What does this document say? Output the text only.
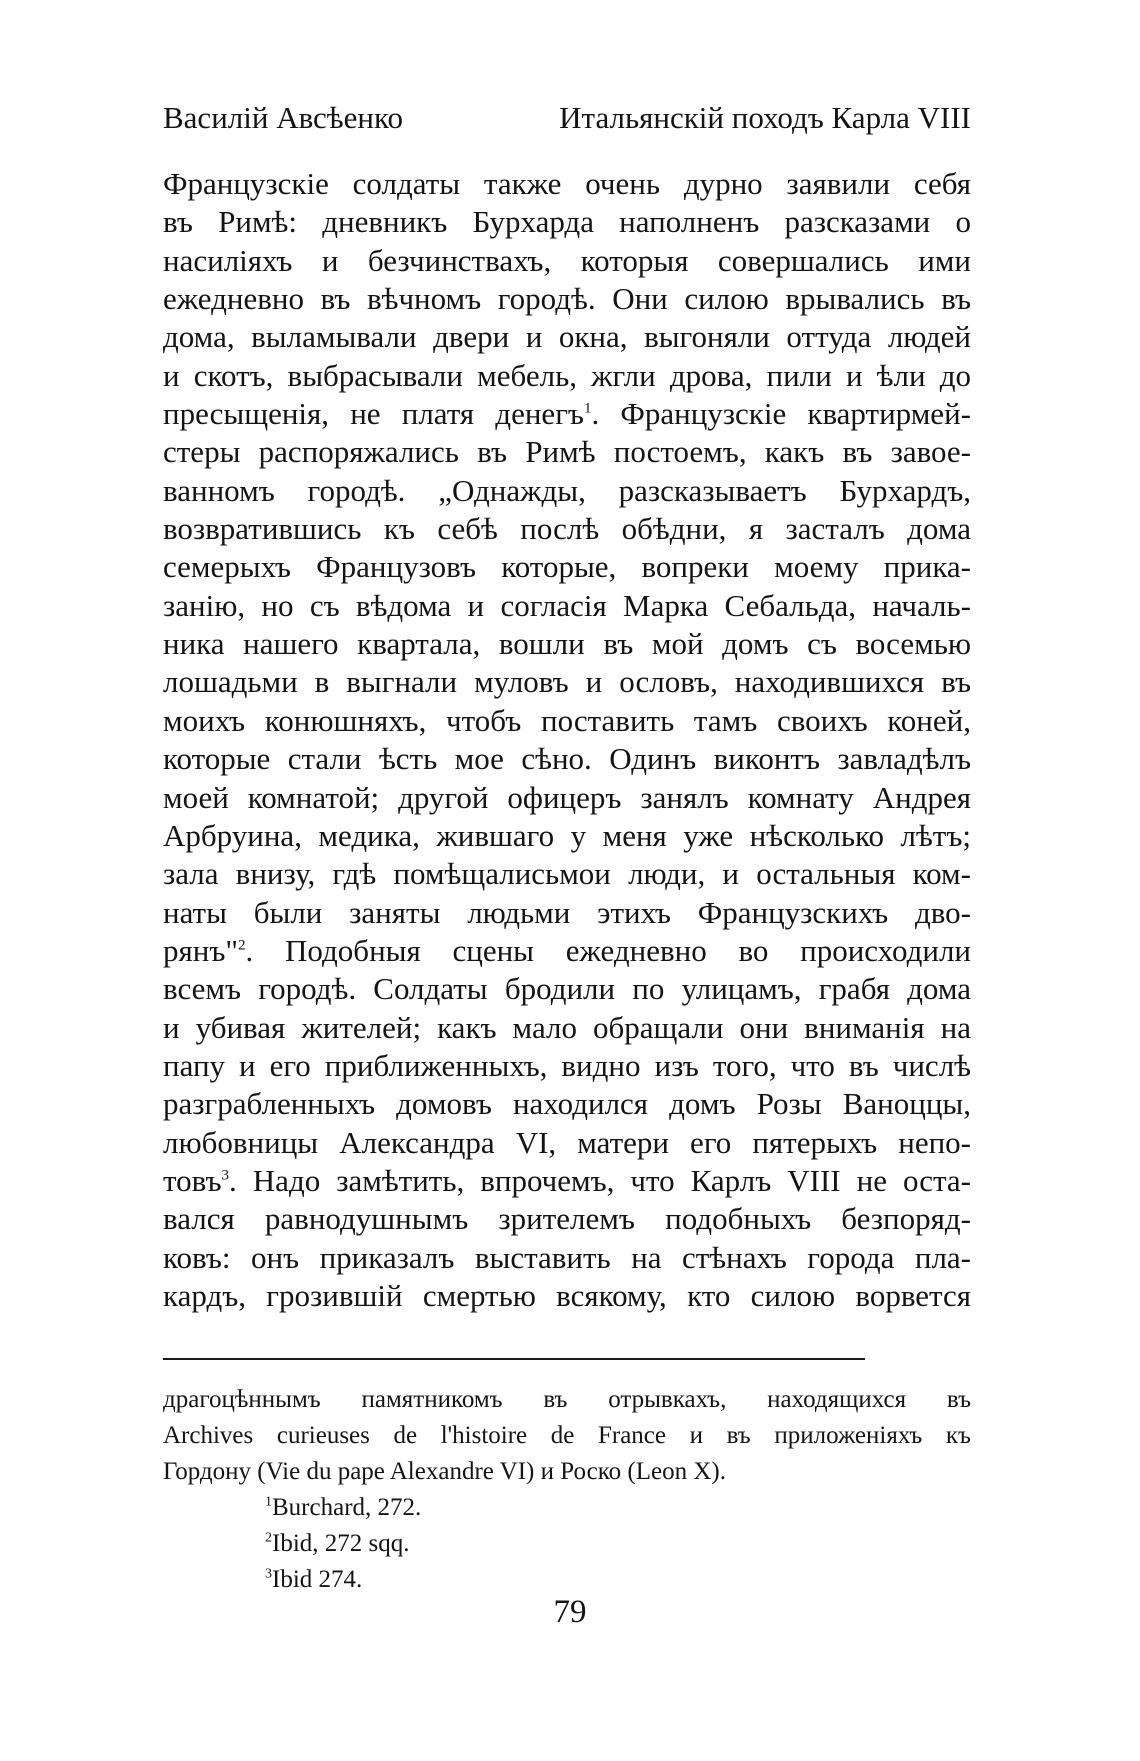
Василій Авсѣенко	Итальянскій походъ Карла VIII
Французскіе солдаты также очень дурно заявили себя
въ Римѣ: дневникъ Бурхарда наполненъ разсказами о
насиліяхъ и безчинствахъ, которыя совершались ими
ежедневно въ вѣчномъ городѣ. Они силою врывались въ
дома, выламывали двери и окна, выгоняли оттуда людей
и скотъ, выбрасывали мебель, жгли дрова, пили и ѣли до
пресыщенія, не платя денегъ$^1$. Французскіе квартирмей-
стеры распоряжались въ Римѣ постоемъ, какъ въ завое-
ванномъ городѣ. „Однажды, разсказываетъ Бурхардъ,
возвратившись къ себѣ послѣ обѣдни, я засталъ дома
семерыхъ Французовъ которые, вопреки моему прика-
занію, но съ вѣдома и согласія Марка Себальда, началь-
ника нашего квартала, вошли въ мой домъ съ восемью
лошадьми в выгнали муловъ и ословъ, находившихся въ
моихъ конюшняхъ, чтобъ поставить тамъ своихъ коней,
которые стали ѣсть мое сѣно. Одинъ виконтъ завладѣлъ
моей комнатой; другой офицеръ занялъ комнату Андрея
Арбруина, медика, жившаго у меня уже нѣсколько лѣтъ;
зала внизу, гдѣ помѣщалисьмои люди, и остальныя ком-
наты были заняты людьми этихъ Французскихъ дво-
рянъ"$^2$. Подобныя сцены ежедневно во происходили
всемъ городѣ. Солдаты бродили по улицамъ, грабя дома
и убивая жителей; какъ мало обращали они вниманія на
папу и его приближенныхъ, видно изъ того, что въ числѣ
разграбленныхъ домовъ находился домъ Розы Ваноццы,
любовницы Александра VI, матери его пятерыхъ непо-
товъ$^3$. Надо замѣтить, впрочемъ, что Карлъ VIII не оста-
вался равнодушнымъ зрителемъ подобныхъ безпоряд-
ковъ: онъ приказалъ выставить на стѣнахъ города пла-
кардъ, грозившій смертью всякому, кто силою ворвется
драгоцѣннымъ памятникомъ въ отрывкахъ, находящихся въ
Archives curieuses de l'histoire de France и въ приложеніяхъ къ
Гордону (Vie du pape Alexandre VI) и Роско (Leon X).
$^1$Burchard, 272.
$^2$Ibid, 272 sqq.
$^3$Ibid 274.
79
